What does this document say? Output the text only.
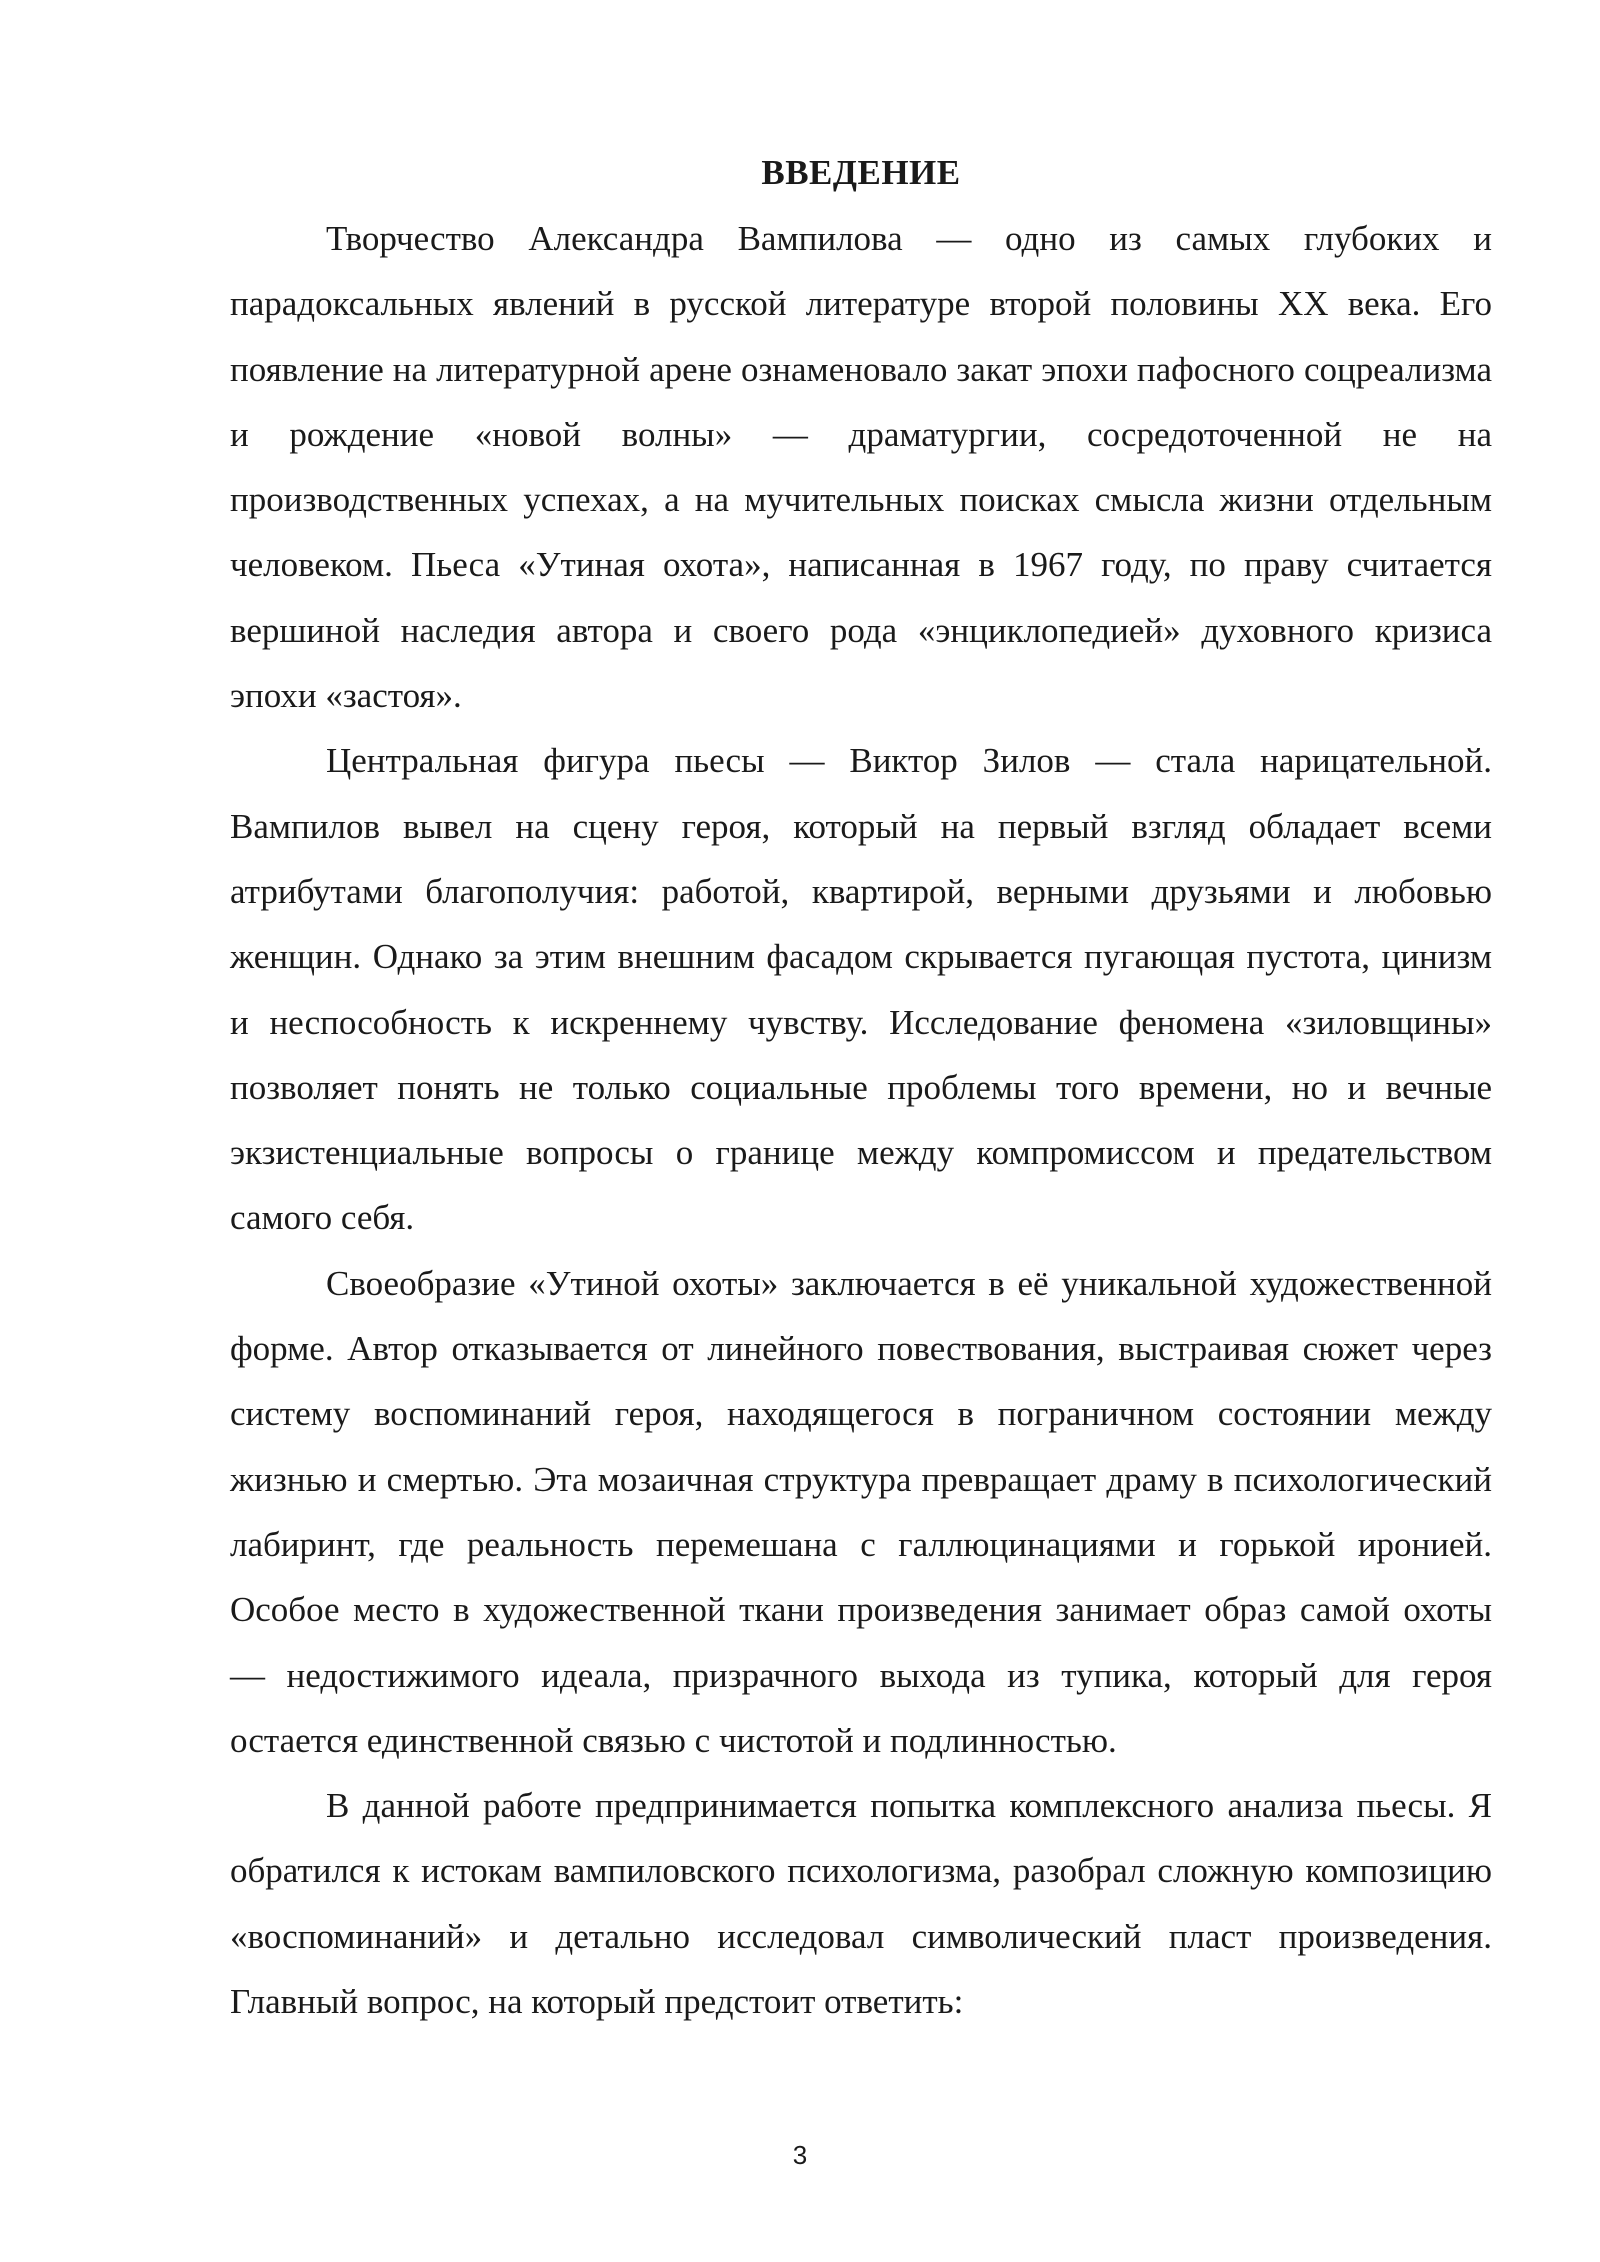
ВВЕДЕНИЕ

Творчество Александра Вампилова — одно из самых глубоких и парадоксальных явлений в русской литературе второй половины XX века. Его появление на литературной арене ознаменовало закат эпохи пафосного соцреализма и рождение «новой волны» — драматургии, сосредоточенной не на производственных успехах, а на мучительных поисках смысла жизни отдельным человеком. Пьеса «Утиная охота», написанная в 1967 году, по праву считается вершиной наследия автора и своего рода «энциклопедией» духовного кризиса эпохи «застоя».

Центральная фигура пьесы — Виктор Зилов — стала нарицательной. Вампилов вывел на сцену героя, который на первый взгляд обладает всеми атрибутами благополучия: работой, квартирой, верными друзьями и любовью женщин. Однако за этим внешним фасадом скрывается пугающая пустота, цинизм и неспособность к искреннему чувству. Исследование феномена «зиловщины» позволяет понять не только социальные проблемы того времени, но и вечные экзистенциальные вопросы о границе между компромиссом и предательством самого себя.

Своеобразие «Утиной охоты» заключается в её уникальной художественной форме. Автор отказывается от линейного повествования, выстраивая сюжет через систему воспоминаний героя, находящегося в пограничном состоянии между жизнью и смертью. Эта мозаичная структура превращает драму в психологический лабиринт, где реальность перемешана с галлюцинациями и горькой иронией. Особое место в художественной ткани произведения занимает образ самой охоты — недостижимого идеала, призрачного выхода из тупика, который для героя остается единственной связью с чистотой и подлинностью.

В данной работе предпринимается попытка комплексного анализа пьесы. Я обратился к истокам вампиловского психологизма, разобрал сложную композицию «воспоминаний» и детально исследовал символический пласт произведения. Главный вопрос, на который предстоит ответить:

3
